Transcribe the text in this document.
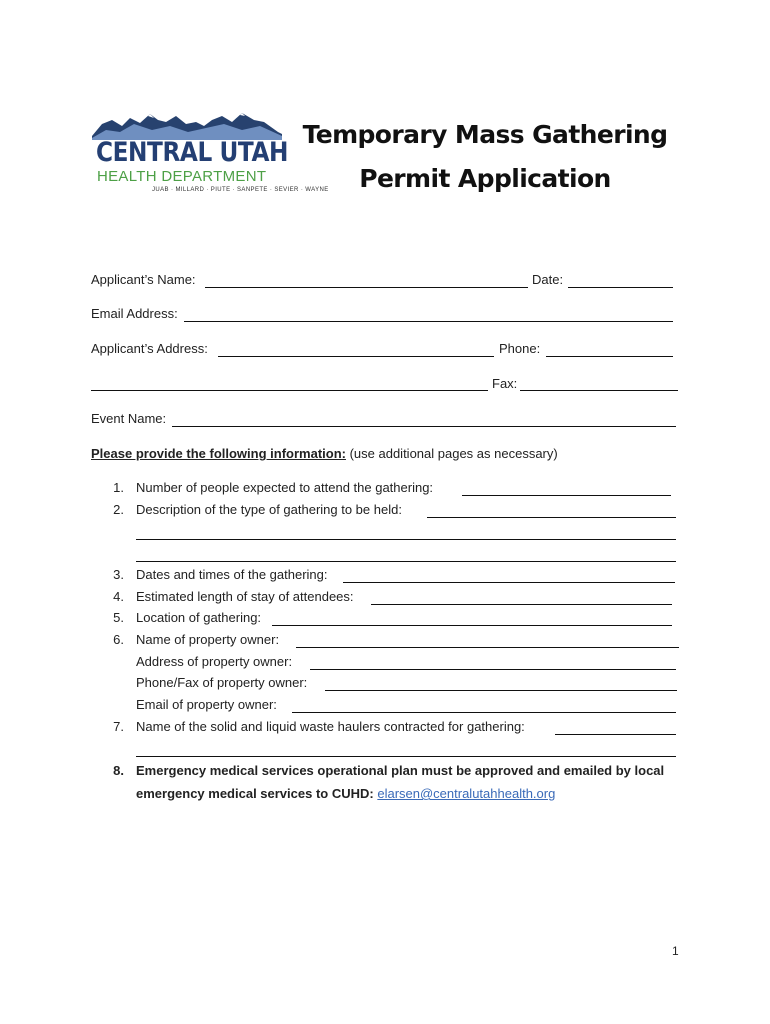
CENTRAL UTAH
HEALTH DEPARTMENT
JUAB · MILLARD · PIUTE · SANPETE · SEVIER · WAYNE
Temporary Mass Gathering
Permit Application
Applicant’s Name:	Date:
Email Address:
Applicant’s Address:	Phone:
Fax:
Event Name:
Please provide the following information: (use additional pages as necessary)
1. Number of people expected to attend the gathering:
2. Description of the type of gathering to be held:
3. Dates and times of the gathering:
4. Estimated length of stay of attendees:
5. Location of gathering:
6. Name of property owner:
Address of property owner:
Phone/Fax of property owner:
Email of property owner:
7. Name of the solid and liquid waste haulers contracted for gathering:
8. Emergency medical services operational plan must be approved and emailed by local
emergency medical services to CUHD: elarsen@centralutahhealth.org
1
